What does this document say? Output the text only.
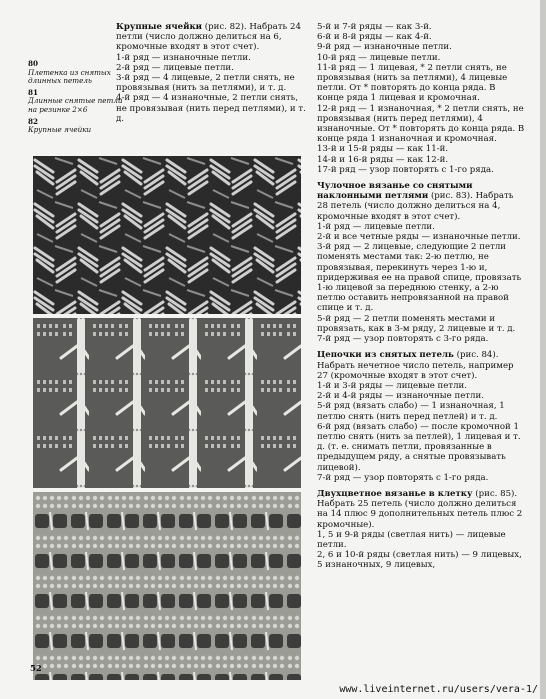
80
Плетенка из снятых длинных петель
81
Длинные снятые петли на резинке 2×6
82
Крупные ячейки

Крупные ячейки (рис. 82). Набрать 24 петли (число должно делиться на 6, кромочные входят в этот счет).

1-й ряд — изнаночные петли.

2-й ряд — лицевые петли.

3-й ряд — 4 лицевые, 2 петли снять, не провязывая (нить за петлями), и т. д.

4-й ряд — 4 изнаночные, 2 петли снять, не провязывая (нить перед петлями), и т. д.

5-й и 7-й ряды — как 3-й.

6-й и 8-й ряды — как 4-й.

9-й ряд — изнаночные петли.

10-й ряд — лицевые петли.

11-й ряд — 1 лицевая, * 2 петли снять, не провязывая (нить за петлями), 4 лицевые петли. От * повторять до конца ряда. В конце ряда 1 лицевая и кромочная.

12-й ряд — 1 изнаночная, * 2 петли снять, не провязывая (нить перед петлями), 4 изнаночные. От * повторять до конца ряда. В конце ряда 1 изнаночная и кромочная.

13-й и 15-й ряды — как 11-й.

14-й и 16-й ряды — как 12-й.

17-й ряд — узор повторять с 1-го ряда.

Чулочное вязанье со снятыми наклонными петлями (рис. 83). Набрать 28 петель (число должно делиться на 4, кромочные входят в этот счет).

1-й ряд — лицевые петли.

2-й и все четные ряды — изнаночные петли.

3-й ряд — 2 лицевые, следующие 2 петли поменять местами так: 2-ю петлю, не провязывая, перекинуть через 1-ю и, придерживая ее на правой спице, провязать 1-ю лицевой за переднюю стенку, а 2-ю петлю оставить непровязанной на правой спице и т. д.

5-й ряд — 2 петли поменять местами и провязать, как в 3-м ряду, 2 лицевые и т. д.

7-й ряд — узор повторять с 3-го ряда.

Цепочки из снятых петель (рис. 84). Набрать нечетное число петель, например 27 (кромочные входят в этот счет).

1-й и 3-й ряды — лицевые петли.

2-й и 4-й ряды — изнаночные петли.

5-й ряд (вязать слабо) — 1 изнаночная, 1 петлю снять (нить перед петлей) и т. д.

6-й ряд (вязать слабо) — после кромочной 1 петлю снять (нить за петлей), 1 лицевая и т. д. (т. е. снимать петли, провязанные в предыдущем ряду, а снятые провязывать лицевой).

7-й ряд — узор повторять с 1-го ряда.

Двухцветное вязанье в клетку (рис. 85). Набрать 25 петель (число должно делиться на 14 плюс 9 дополнительных петель плюс 2 кромочные).

1, 5 и 9-й ряды (светлая нить) — лицевые петли.

2, 6 и 10-й ряды (светлая нить) — 9 лицевых, 5 изнаночных, 9 лицевых,

52
www.liveinternet.ru/users/vera-1/
